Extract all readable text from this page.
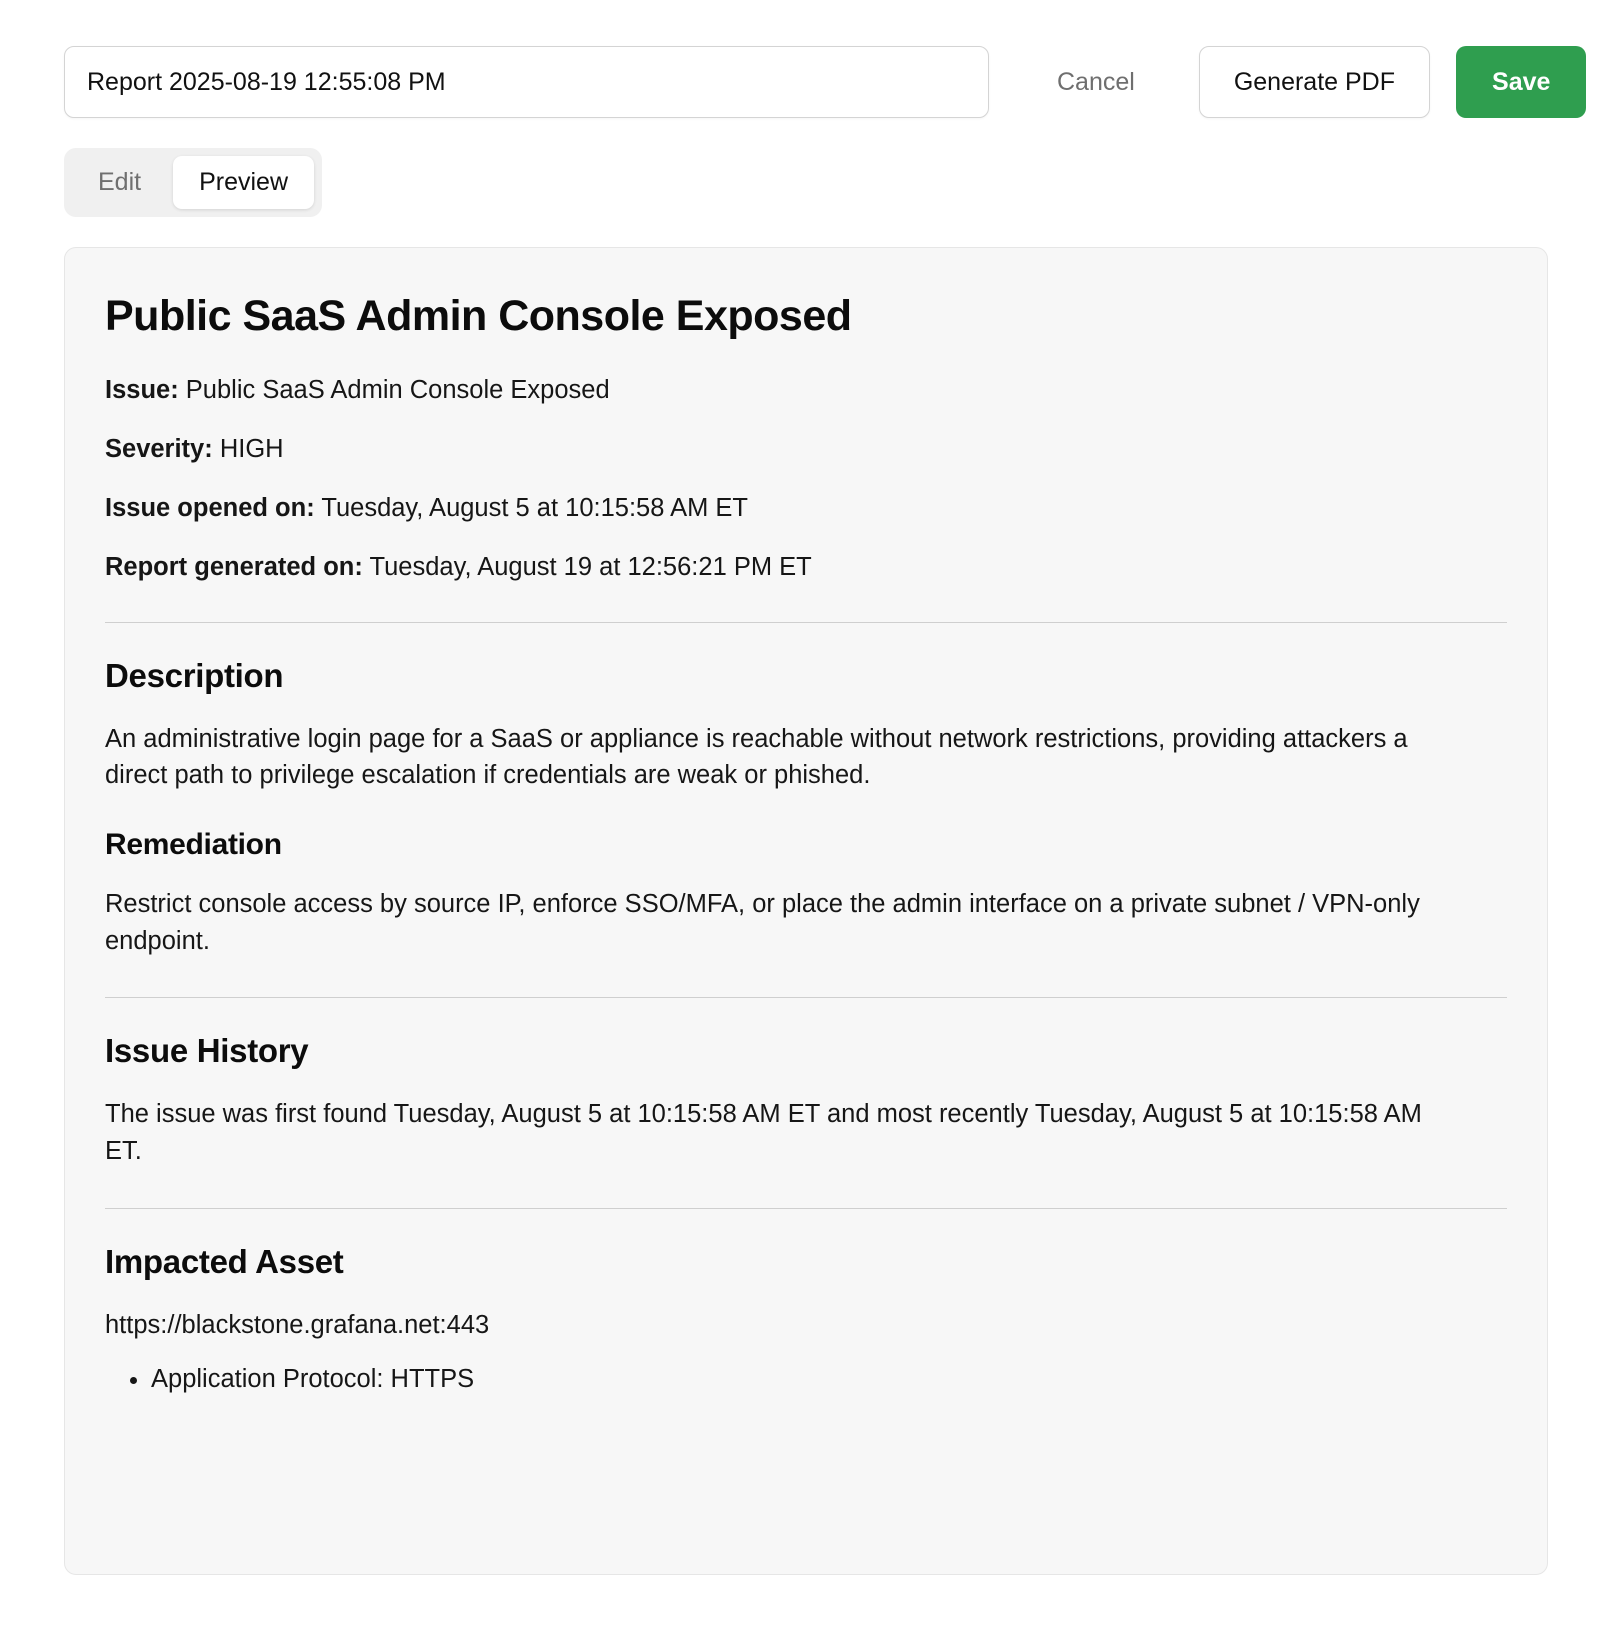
Report 2025-08-19 12:55:08 PM
Cancel	Generate PDF	Save
Edit	Preview
Public SaaS Admin Console Exposed

Issue: Public SaaS Admin Console Exposed

Severity: HIGH

Issue opened on: Tuesday, August 5 at 10:15:58 AM ET

Report generated on: Tuesday, August 19 at 12:56:21 PM ET

Description

An administrative login page for a SaaS or appliance is reachable without network restrictions, providing attackers a direct path to privilege escalation if credentials are weak or phished.

Remediation

Restrict console access by source IP, enforce SSO/MFA, or place the admin interface on a private subnet / VPN-only endpoint.

Issue History

The issue was first found Tuesday, August 5 at 10:15:58 AM ET and most recently Tuesday, August 5 at 10:15:58 AM ET.

Impacted Asset

https://blackstone.grafana.net:443

• Application Protocol: HTTPS
